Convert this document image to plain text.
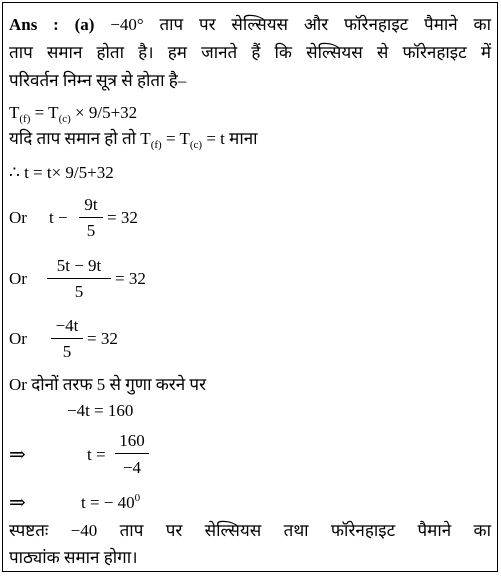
Ans : (a) −40° ताप पर सेल्सियस और फॉरेनहाइट पैमाने का
ताप समान होता है। हम जानते हैं कि सेल्सियस से फॉरेनहाइट में
परिवर्तन निम्न सूत्र से होता है–
$T_{(f)} = T_{(c)} \times 9/5+32$
यदि ताप समान हो तो $T_{(f)} = T_{(c)} = t$ माना
∴ t = t× 9/5+32
Or t −
9t
5
= 32
Or
5t − 9t
5
= 32
Or
−4t
5
= 32
Or दोनों तरफ 5 से गुणा करने पर
−4t = 160
⇒	t =
160
−4
⇒	t = − $40^0$
स्पष्टतः −40 ताप पर सेल्सियस तथा फॉरेनहाइट पैमाने का
पाठ्यांक समान होगा।
